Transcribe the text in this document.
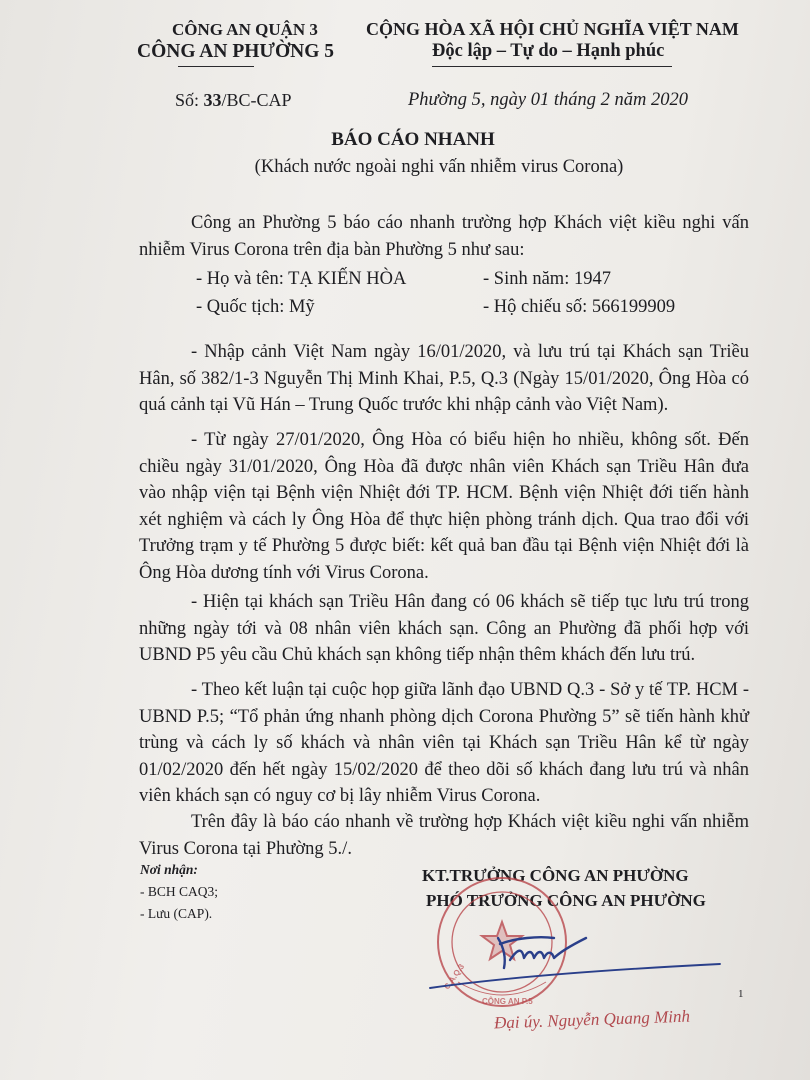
CÔNG AN QUẬN 3
CÔNG AN PHƯỜNG 5
CỘNG HÒA XÃ HỘI CHỦ NGHĨA VIỆT NAM
Độc lập – Tự do – Hạnh phúc
Số: 33/BC-CAP	Phường 5, ngày 01 tháng 2 năm 2020
BÁO CÁO NHANH
(Khách nước ngoài nghi vấn nhiễm virus Corona)
Công an Phường 5 báo cáo nhanh trường hợp Khách việt kiều nghi vấn nhiễm Virus Corona trên địa bàn Phường 5 như sau:
- Họ và tên: TẠ KIẾN HÒA	- Sinh năm: 1947
- Quốc tịch: Mỹ	- Hộ chiếu số: 566199909
- Nhập cảnh Việt Nam ngày 16/01/2020, và lưu trú tại Khách sạn Triều Hân, số 382/1-3 Nguyễn Thị Minh Khai, P.5, Q.3 (Ngày 15/01/2020, Ông Hòa có quá cảnh tại Vũ Hán – Trung Quốc trước khi nhập cảnh vào Việt Nam).
- Từ ngày 27/01/2020, Ông Hòa có biểu hiện ho nhiều, không sốt. Đến chiều ngày 31/01/2020, Ông Hòa đã được nhân viên Khách sạn Triều Hân đưa vào nhập viện tại Bệnh viện Nhiệt đới TP. HCM. Bệnh viện Nhiệt đới tiến hành xét nghiệm và cách ly Ông Hòa để thực hiện phòng tránh dịch. Qua trao đổi với Trưởng trạm y tế Phường 5 được biết: kết quả ban đầu tại Bệnh viện Nhiệt đới là Ông Hòa dương tính với Virus Corona.
- Hiện tại khách sạn Triều Hân đang có 06 khách sẽ tiếp tục lưu trú trong những ngày tới và 08 nhân viên khách sạn. Công an Phường đã phối hợp với UBND P5 yêu cầu Chủ khách sạn không tiếp nhận thêm khách đến lưu trú.
- Theo kết luận tại cuộc họp giữa lãnh đạo UBND Q.3 - Sở y tế TP. HCM - UBND P.5; “Tổ phản ứng nhanh phòng dịch Corona Phường 5” sẽ tiến hành khử trùng và cách ly số khách và nhân viên tại Khách sạn Triều Hân kể từ ngày 01/02/2020 đến hết ngày 15/02/2020 để theo dõi số khách đang lưu trú và nhân viên khách sạn có nguy cơ bị lây nhiễm Virus Corona.
Trên đây là báo cáo nhanh về trường hợp Khách việt kiều nghi vấn nhiễm Virus Corona tại Phường 5./.
Nơi nhận:
- BCH CAQ3;
- Lưu (CAP).
KT.TRƯỞNG CÔNG AN PHƯỜNG
PHÓ TRƯỞNG CÔNG AN PHƯỜNG
C.A.Q.3
CÔNG AN P.5
1
Đại úy. Nguyễn Quang Minh
